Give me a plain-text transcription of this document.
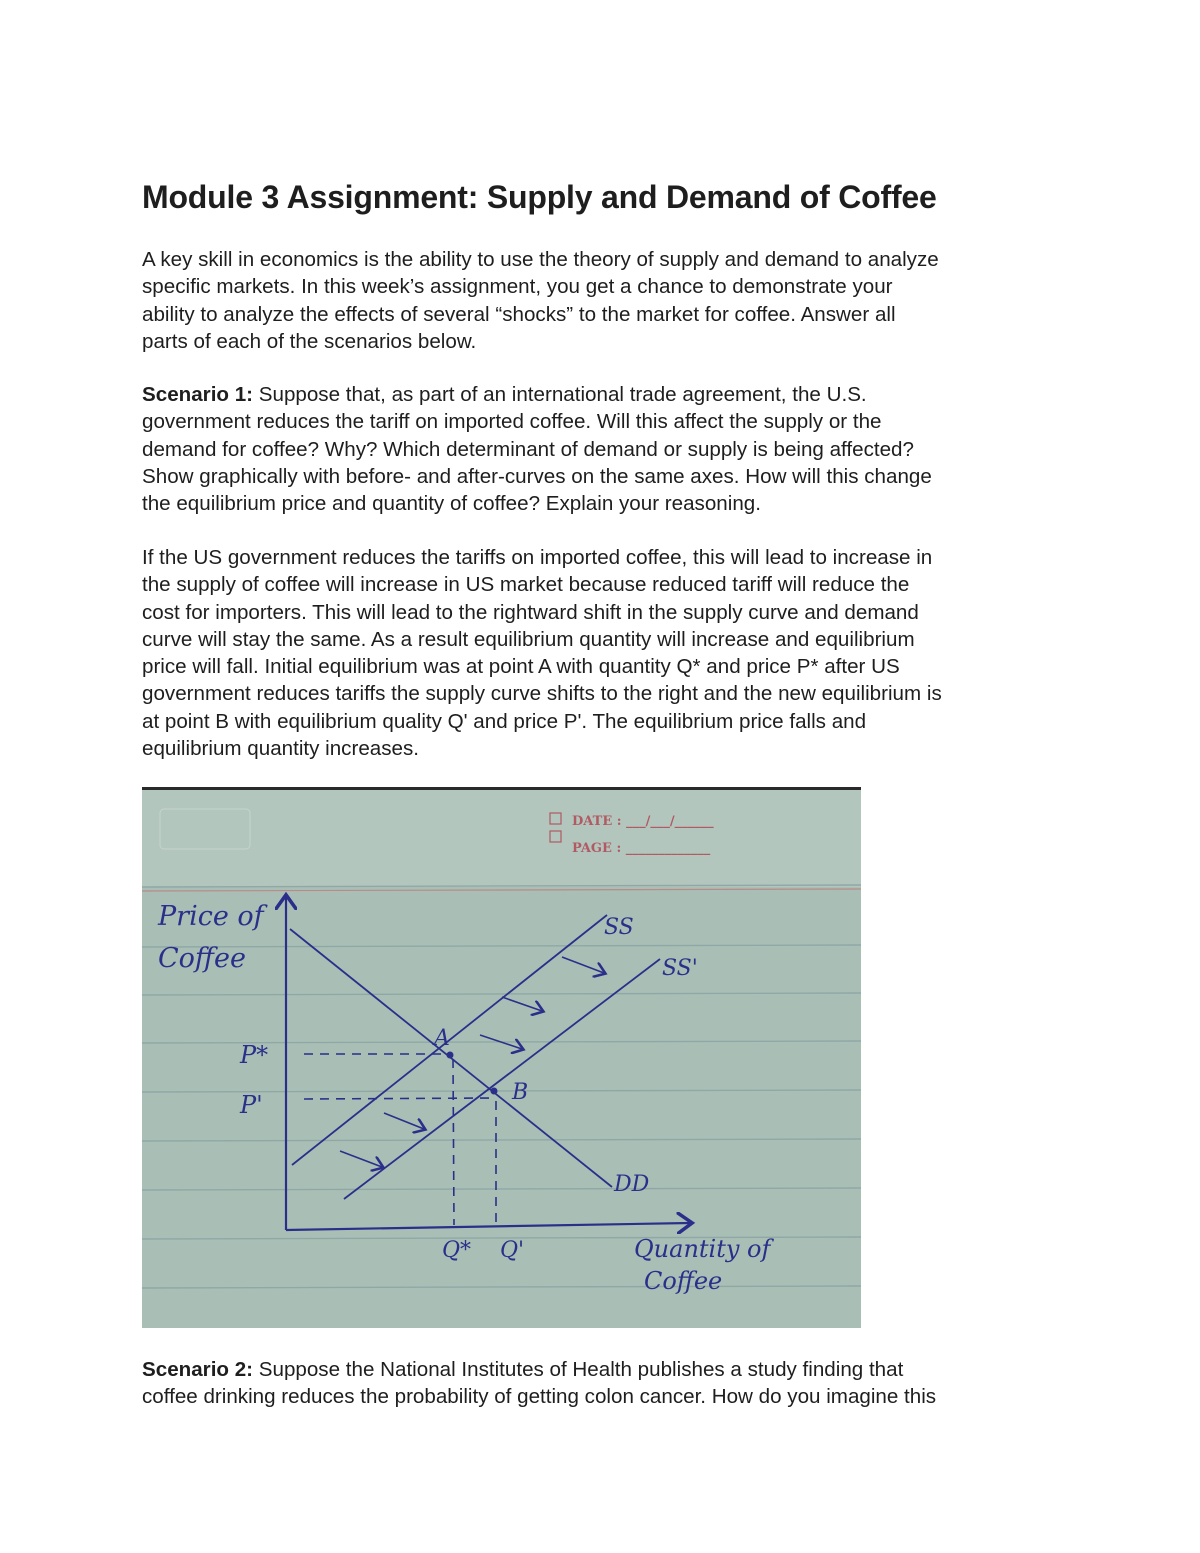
Module 3 Assignment: Supply and Demand of Coffee
A key skill in economics is the ability to use the theory of supply and demand to analyze
specific markets. In this week’s assignment, you get a chance to demonstrate your
ability to analyze the effects of several “shocks” to the market for coffee. Answer all
parts of each of the scenarios below.
Scenario 1: Suppose that, as part of an international trade agreement, the U.S.
government reduces the tariff on imported coffee. Will this affect the supply or the
demand for coffee? Why? Which determinant of demand or supply is being affected?
Show graphically with before- and after-curves on the same axes. How will this change
the equilibrium price and quantity of coffee? Explain your reasoning.
If the US government reduces the tariffs on imported coffee, this will lead to increase in
the supply of coffee will increase in US market because reduced tariff will reduce the
cost for importers. This will lead to the rightward shift in the supply curve and demand
curve will stay the same. As a result equilibrium quantity will increase and equilibrium
price will fall. Initial equilibrium was at point A with quantity Q* and price P* after US
government reduces tariffs the supply curve shifts to the right and the new equilibrium is
at point B with equilibrium quality Q' and price P'. The equilibrium price falls and
equilibrium quantity increases.
DATE : ___/___/______
PAGE : _____________
Price of
Coffee
SS
SS'
DD
A
B
P*
P'
Q* Q'	Quantity of
Coffee
Scenario 2: Suppose the National Institutes of Health publishes a study finding that
coffee drinking reduces the probability of getting colon cancer. How do you imagine this
